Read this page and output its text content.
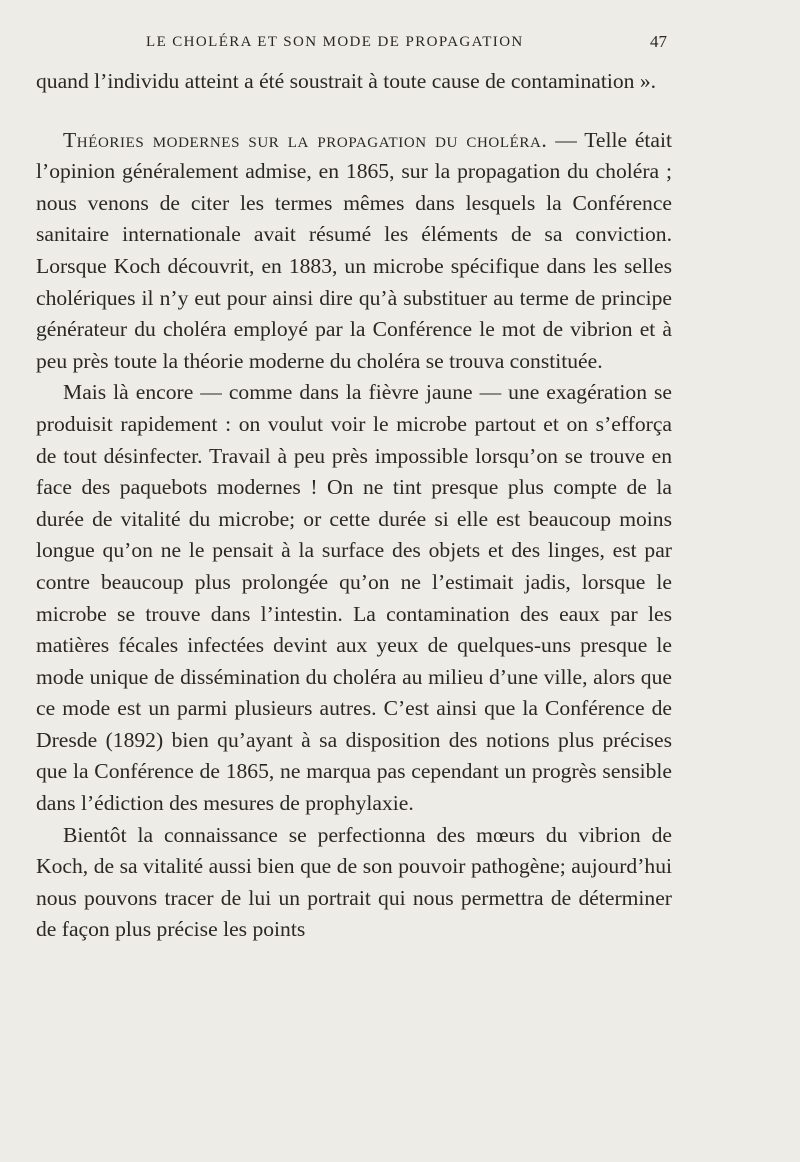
LE CHOLÉRA ET SON MODE DE PROPAGATION	47

quand l’individu atteint a été soustrait à toute cause de contamination ».

Théories modernes sur la propagation du choléra. — Telle était l’opinion généralement admise, en 1865, sur la propagation du choléra ; nous venons de citer les termes mêmes dans lesquels la Conférence sanitaire internationale avait résumé les éléments de sa conviction. Lorsque Koch découvrit, en 1883, un microbe spécifique dans les selles cholériques il n’y eut pour ainsi dire qu’à substituer au terme de principe générateur du choléra employé par la Conférence le mot de vibrion et à peu près toute la théorie moderne du choléra se trouva constituée.

Mais là encore — comme dans la fièvre jaune — une exagération se produisit rapidement : on voulut voir le microbe partout et on s’efforça de tout désinfecter. Travail à peu près impossible lorsqu’on se trouve en face des paquebots modernes ! On ne tint presque plus compte de la durée de vitalité du microbe; or cette durée si elle est beaucoup moins longue qu’on ne le pensait à la surface des objets et des linges, est par contre beaucoup plus prolongée qu’on ne l’estimait jadis, lorsque le microbe se trouve dans l’intestin. La contamination des eaux par les matières fécales infectées devint aux yeux de quelques-uns presque le mode unique de dissémination du choléra au milieu d’une ville, alors que ce mode est un parmi plusieurs autres. C’est ainsi que la Conférence de Dresde (1892) bien qu’ayant à sa disposition des notions plus précises que la Conférence de 1865, ne marqua pas cependant un progrès sensible dans l’édiction des mesures de prophylaxie.

Bientôt la connaissance se perfectionna des mœurs du vibrion de Koch, de sa vitalité aussi bien que de son pouvoir pathogène; aujourd’hui nous pouvons tracer de lui un portrait qui nous permettra de déterminer de façon plus précise les points
